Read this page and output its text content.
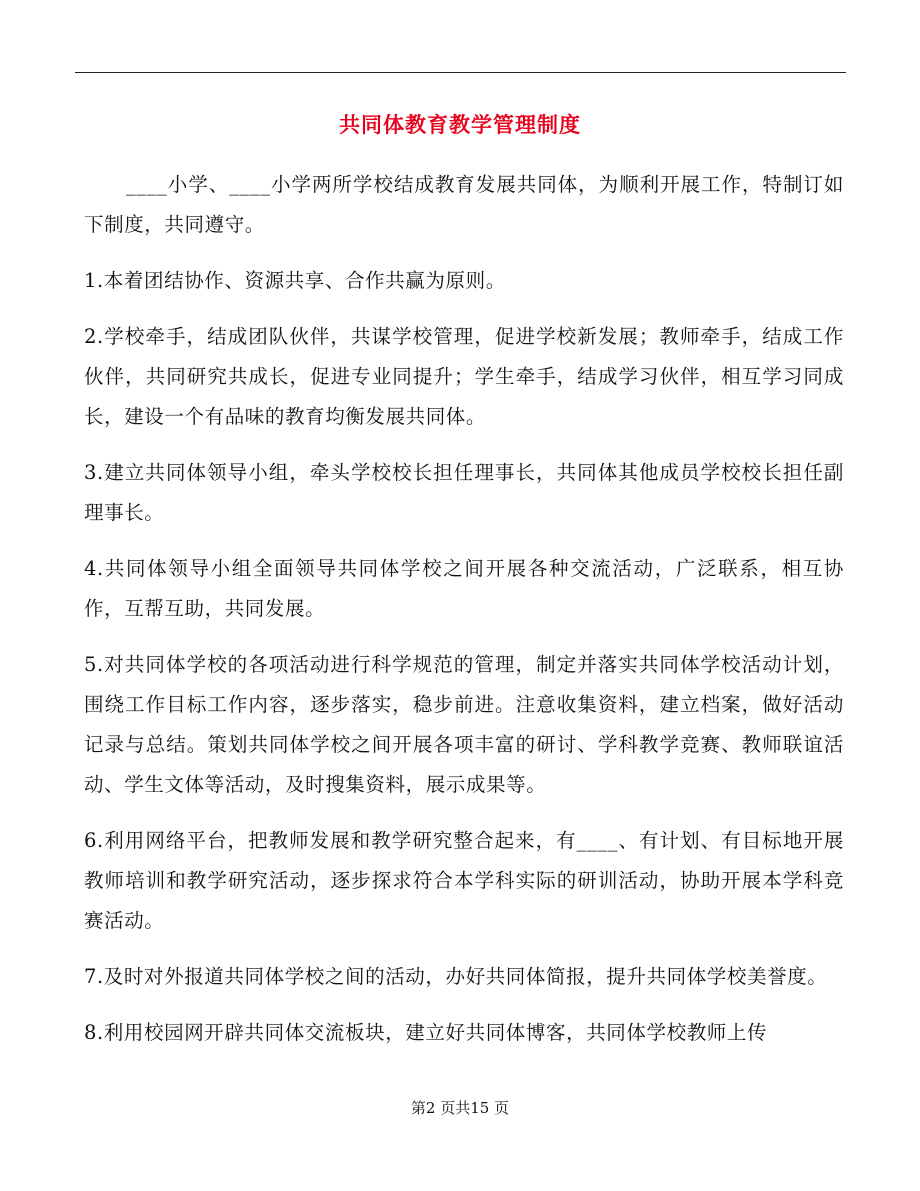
共同体教育教学管理制度

____小学、____小学两所学校结成教育发展共同体，为顺利开展工作，特制订如下制度，共同遵守。

1.本着团结协作、资源共享、合作共赢为原则。

2.学校牵手，结成团队伙伴，共谋学校管理，促进学校新发展；教师牵手，结成工作伙伴，共同研究共成长，促进专业同提升；学生牵手，结成学习伙伴，相互学习同成长，建设一个有品味的教育均衡发展共同体。

3.建立共同体领导小组，牵头学校校长担任理事长，共同体其他成员学校校长担任副理事长。

4.共同体领导小组全面领导共同体学校之间开展各种交流活动，广泛联系，相互协作，互帮互助，共同发展。

5.对共同体学校的各项活动进行科学规范的管理，制定并落实共同体学校活动计划，围绕工作目标工作内容，逐步落实，稳步前进。注意收集资料，建立档案，做好活动记录与总结。策划共同体学校之间开展各项丰富的研讨、学科教学竞赛、教师联谊活动、学生文体等活动，及时搜集资料，展示成果等。

6.利用网络平台，把教师发展和教学研究整合起来，有____、有计划、有目标地开展教师培训和教学研究活动，逐步探求符合本学科实际的研训活动，协助开展本学科竞赛活动。

7.及时对外报道共同体学校之间的活动，办好共同体简报，提升共同体学校美誉度。

8.利用校园网开辟共同体交流板块，建立好共同体博客，共同体学校教师上传

第2 页共15 页
